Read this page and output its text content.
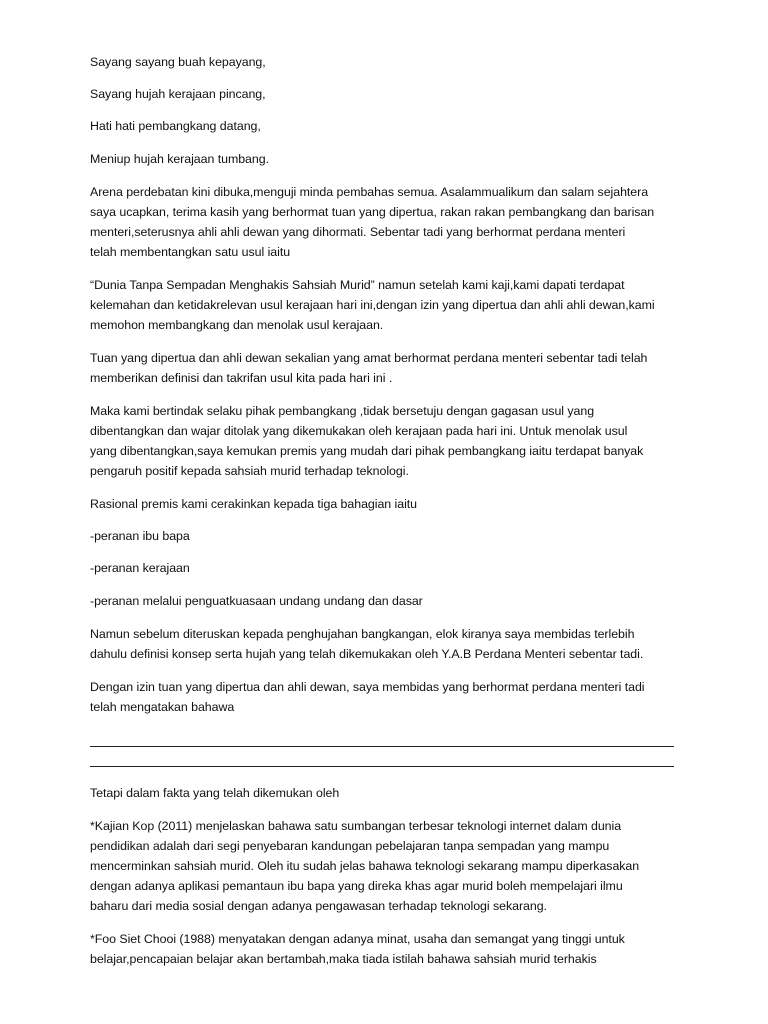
Sayang sayang buah kepayang,

Sayang hujah kerajaan pincang,

Hati hati pembangkang datang,

Meniup hujah kerajaan tumbang.

Arena perdebatan kini dibuka,menguji minda pembahas semua. Asalammualikum dan salam sejahtera

saya ucapkan, terima kasih yang berhormat tuan yang dipertua, rakan rakan pembangkang dan barisan

menteri,seterusnya ahli ahli dewan yang dihormati. Sebentar tadi yang berhormat perdana menteri

telah membentangkan satu usul iaitu

“Dunia Tanpa Sempadan Menghakis Sahsiah Murid” namun setelah kami kaji,kami dapati terdapat

kelemahan dan ketidakrelevan usul kerajaan hari ini,dengan izin yang dipertua dan ahli ahli dewan,kami

memohon membangkang dan menolak usul kerajaan.

Tuan yang dipertua dan ahli dewan sekalian yang amat berhormat perdana menteri sebentar tadi telah

memberikan definisi dan takrifan usul kita pada hari ini .

Maka kami bertindak selaku pihak pembangkang ,tidak bersetuju dengan gagasan usul yang

dibentangkan dan wajar ditolak yang dikemukakan oleh kerajaan pada hari ini. Untuk menolak usul

yang dibentangkan,saya kemukan premis yang mudah dari pihak pembangkang iaitu terdapat banyak

pengaruh positif kepada sahsiah murid terhadap teknologi.

Rasional premis kami cerakinkan kepada tiga bahagian iaitu

-peranan ibu bapa

-peranan kerajaan

-peranan melalui penguatkuasaan undang undang dan dasar

Namun sebelum diteruskan kepada penghujahan bangkangan, elok kiranya saya membidas terlebih

dahulu definisi konsep serta hujah yang telah dikemukakan oleh Y.A.B Perdana Menteri sebentar tadi.

Dengan izin tuan yang dipertua dan ahli dewan, saya membidas yang berhormat perdana menteri tadi

telah mengatakan bahawa

Tetapi dalam fakta yang telah dikemukan oleh

*Kajian Kop (2011) menjelaskan bahawa satu sumbangan terbesar teknologi internet dalam dunia

pendidikan adalah dari segi penyebaran kandungan pebelajaran tanpa sempadan yang mampu

mencerminkan sahsiah murid. Oleh itu sudah jelas bahawa teknologi sekarang mampu diperkasakan

dengan adanya aplikasi pemantaun ibu bapa yang direka khas agar murid boleh mempelajari ilmu

baharu dari media sosial dengan adanya pengawasan terhadap teknologi sekarang.

*Foo Siet Chooi (1988) menyatakan dengan adanya minat, usaha dan semangat yang tinggi untuk

belajar,pencapaian belajar akan bertambah,maka tiada istilah bahawa sahsiah murid terhakis
